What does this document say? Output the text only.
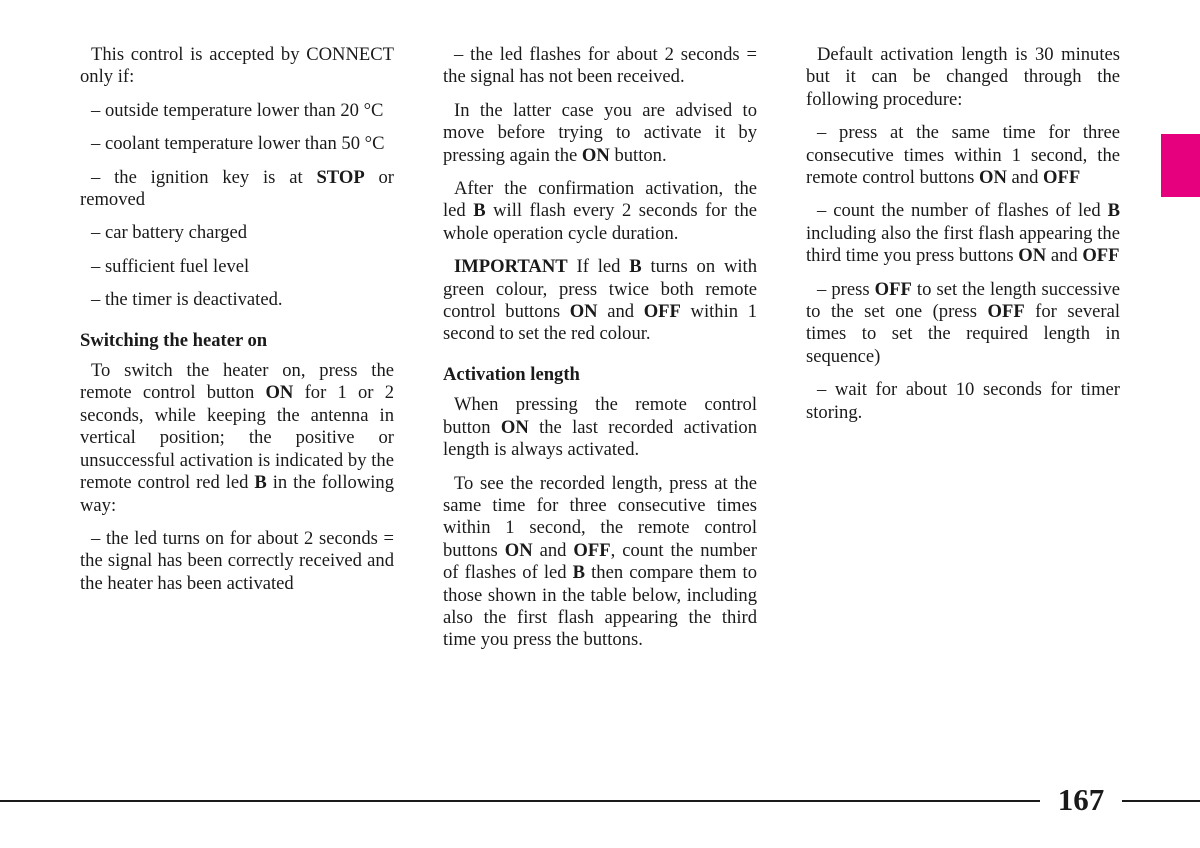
This control is accepted by CONNECT only if:

– outside temperature lower than 20 °C

– coolant temperature lower than 50 °C

– the ignition key is at STOP or removed

– car battery charged

– sufficient fuel level

– the timer is deactivated.

Switching the heater on

To switch the heater on, press the remote control button ON for 1 or 2 seconds, while keeping the antenna in vertical position; the positive or unsuccessful activation is indicated by the remote control red led B in the following way:

– the led turns on for about 2 seconds = the signal has been correctly received and the heater has been activated

– the led flashes for about 2 seconds = the signal has not been received.

In the latter case you are advised to move before trying to activate it by pressing again the ON button.

After the confirmation activation, the led B will flash every 2 seconds for the whole operation cycle duration.

IMPORTANT If led B turns on with green colour, press twice both remote control buttons ON and OFF within 1 second to set the red colour.

Activation length

When pressing the remote control button ON the last recorded activation length is always activated.

To see the recorded length, press at the same time for three consecutive times within 1 second, the remote control buttons ON and OFF, count the number of flashes of led B then compare them to those shown in the table below, including also the first flash appearing the third time you press the buttons.

Default activation length is 30 minutes but it can be changed through the following procedure:

– press at the same time for three consecutive times within 1 second, the remote control buttons ON and OFF

– count the number of flashes of led B including also the first flash appearing the third time you press buttons ON and OFF

– press OFF to set the length successive to the set one (press OFF for several times to set the required length in sequence)

– wait for about 10 seconds for timer storing.

167
